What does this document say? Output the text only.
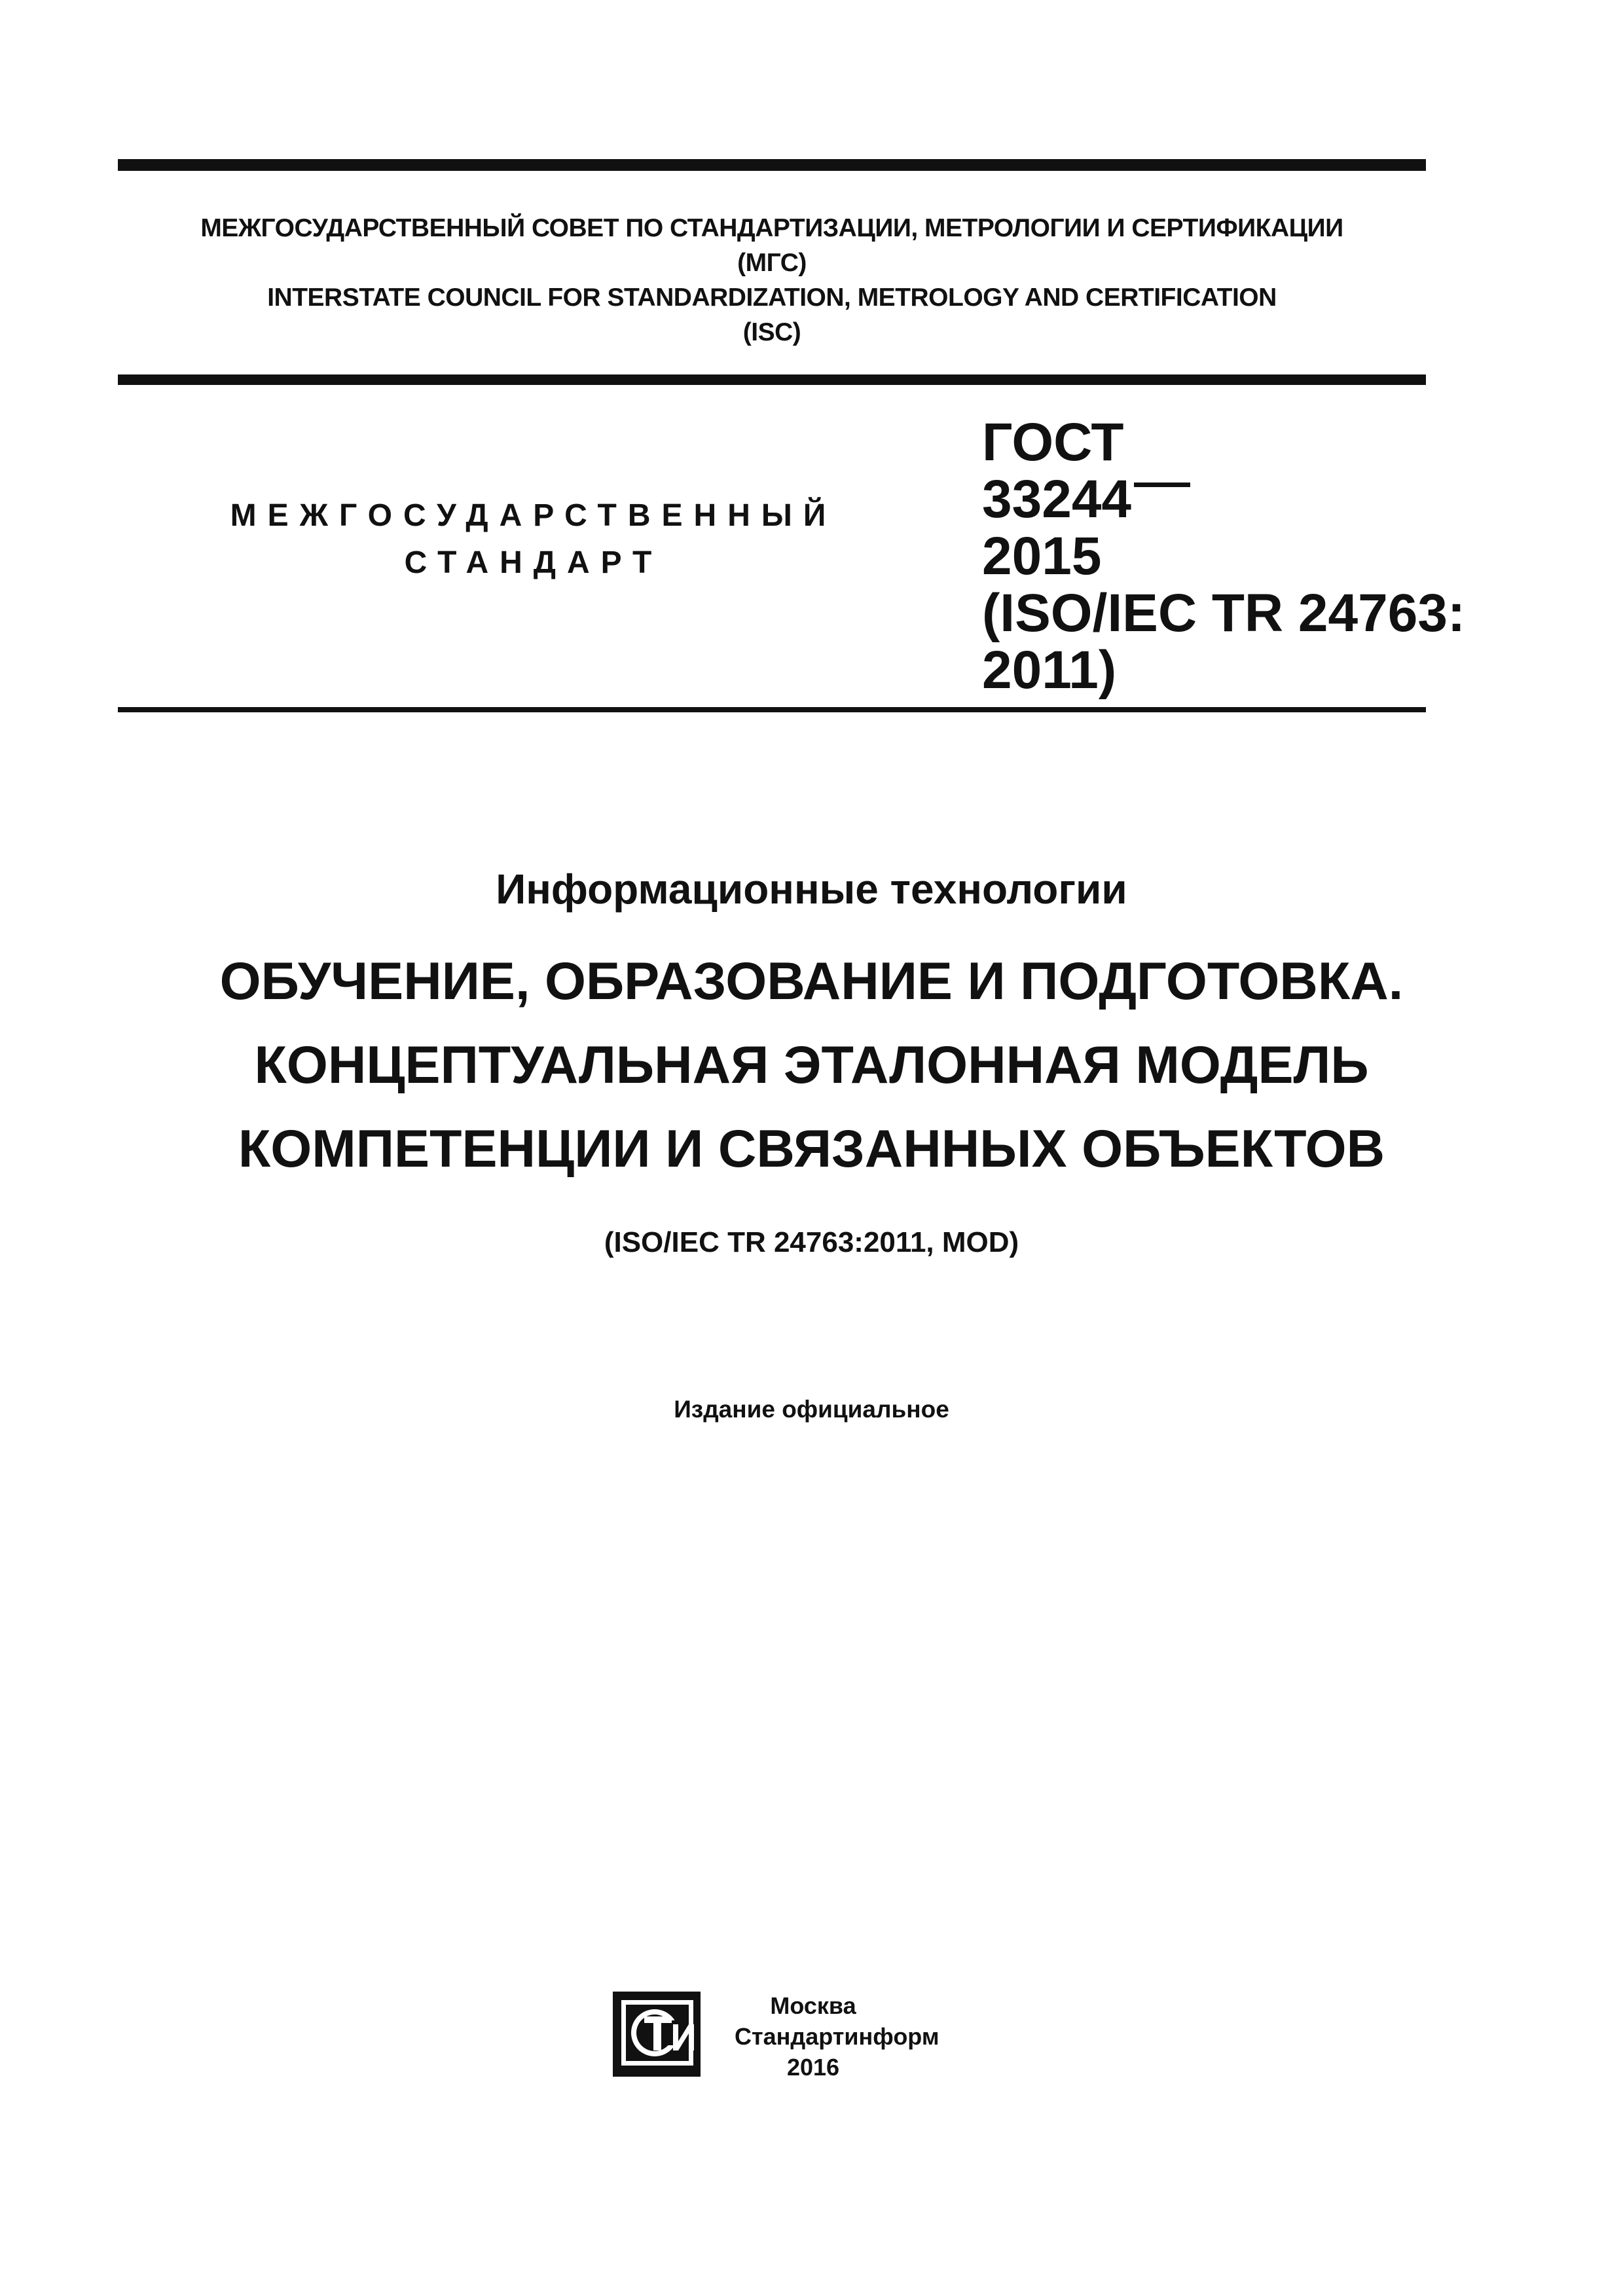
МЕЖГОСУДАРСТВЕННЫЙ СОВЕТ ПО СТАНДАРТИЗАЦИИ, МЕТРОЛОГИИ И СЕРТИФИКАЦИИ
(МГС)
INTERSTATE COUNCIL FOR STANDARDIZATION, METROLOGY AND CERTIFICATION
(ISC)
МЕЖГОСУДАРСТВЕННЫЙ
СТАНДАРТ
ГОСТ
33244
2015
(ISO/IEC TR 24763:
2011)
Информационные технологии
ОБУЧЕНИЕ, ОБРАЗОВАНИЕ И ПОДГОТОВКА.
КОНЦЕПТУАЛЬНАЯ ЭТАЛОННАЯ МОДЕЛЬ
КОМПЕТЕНЦИИ И СВЯЗАННЫХ ОБЪЕКТОВ
(ISO/IEC TR 24763:2011, MOD)
Издание официальное
Москва
Стандартинформ
2016
